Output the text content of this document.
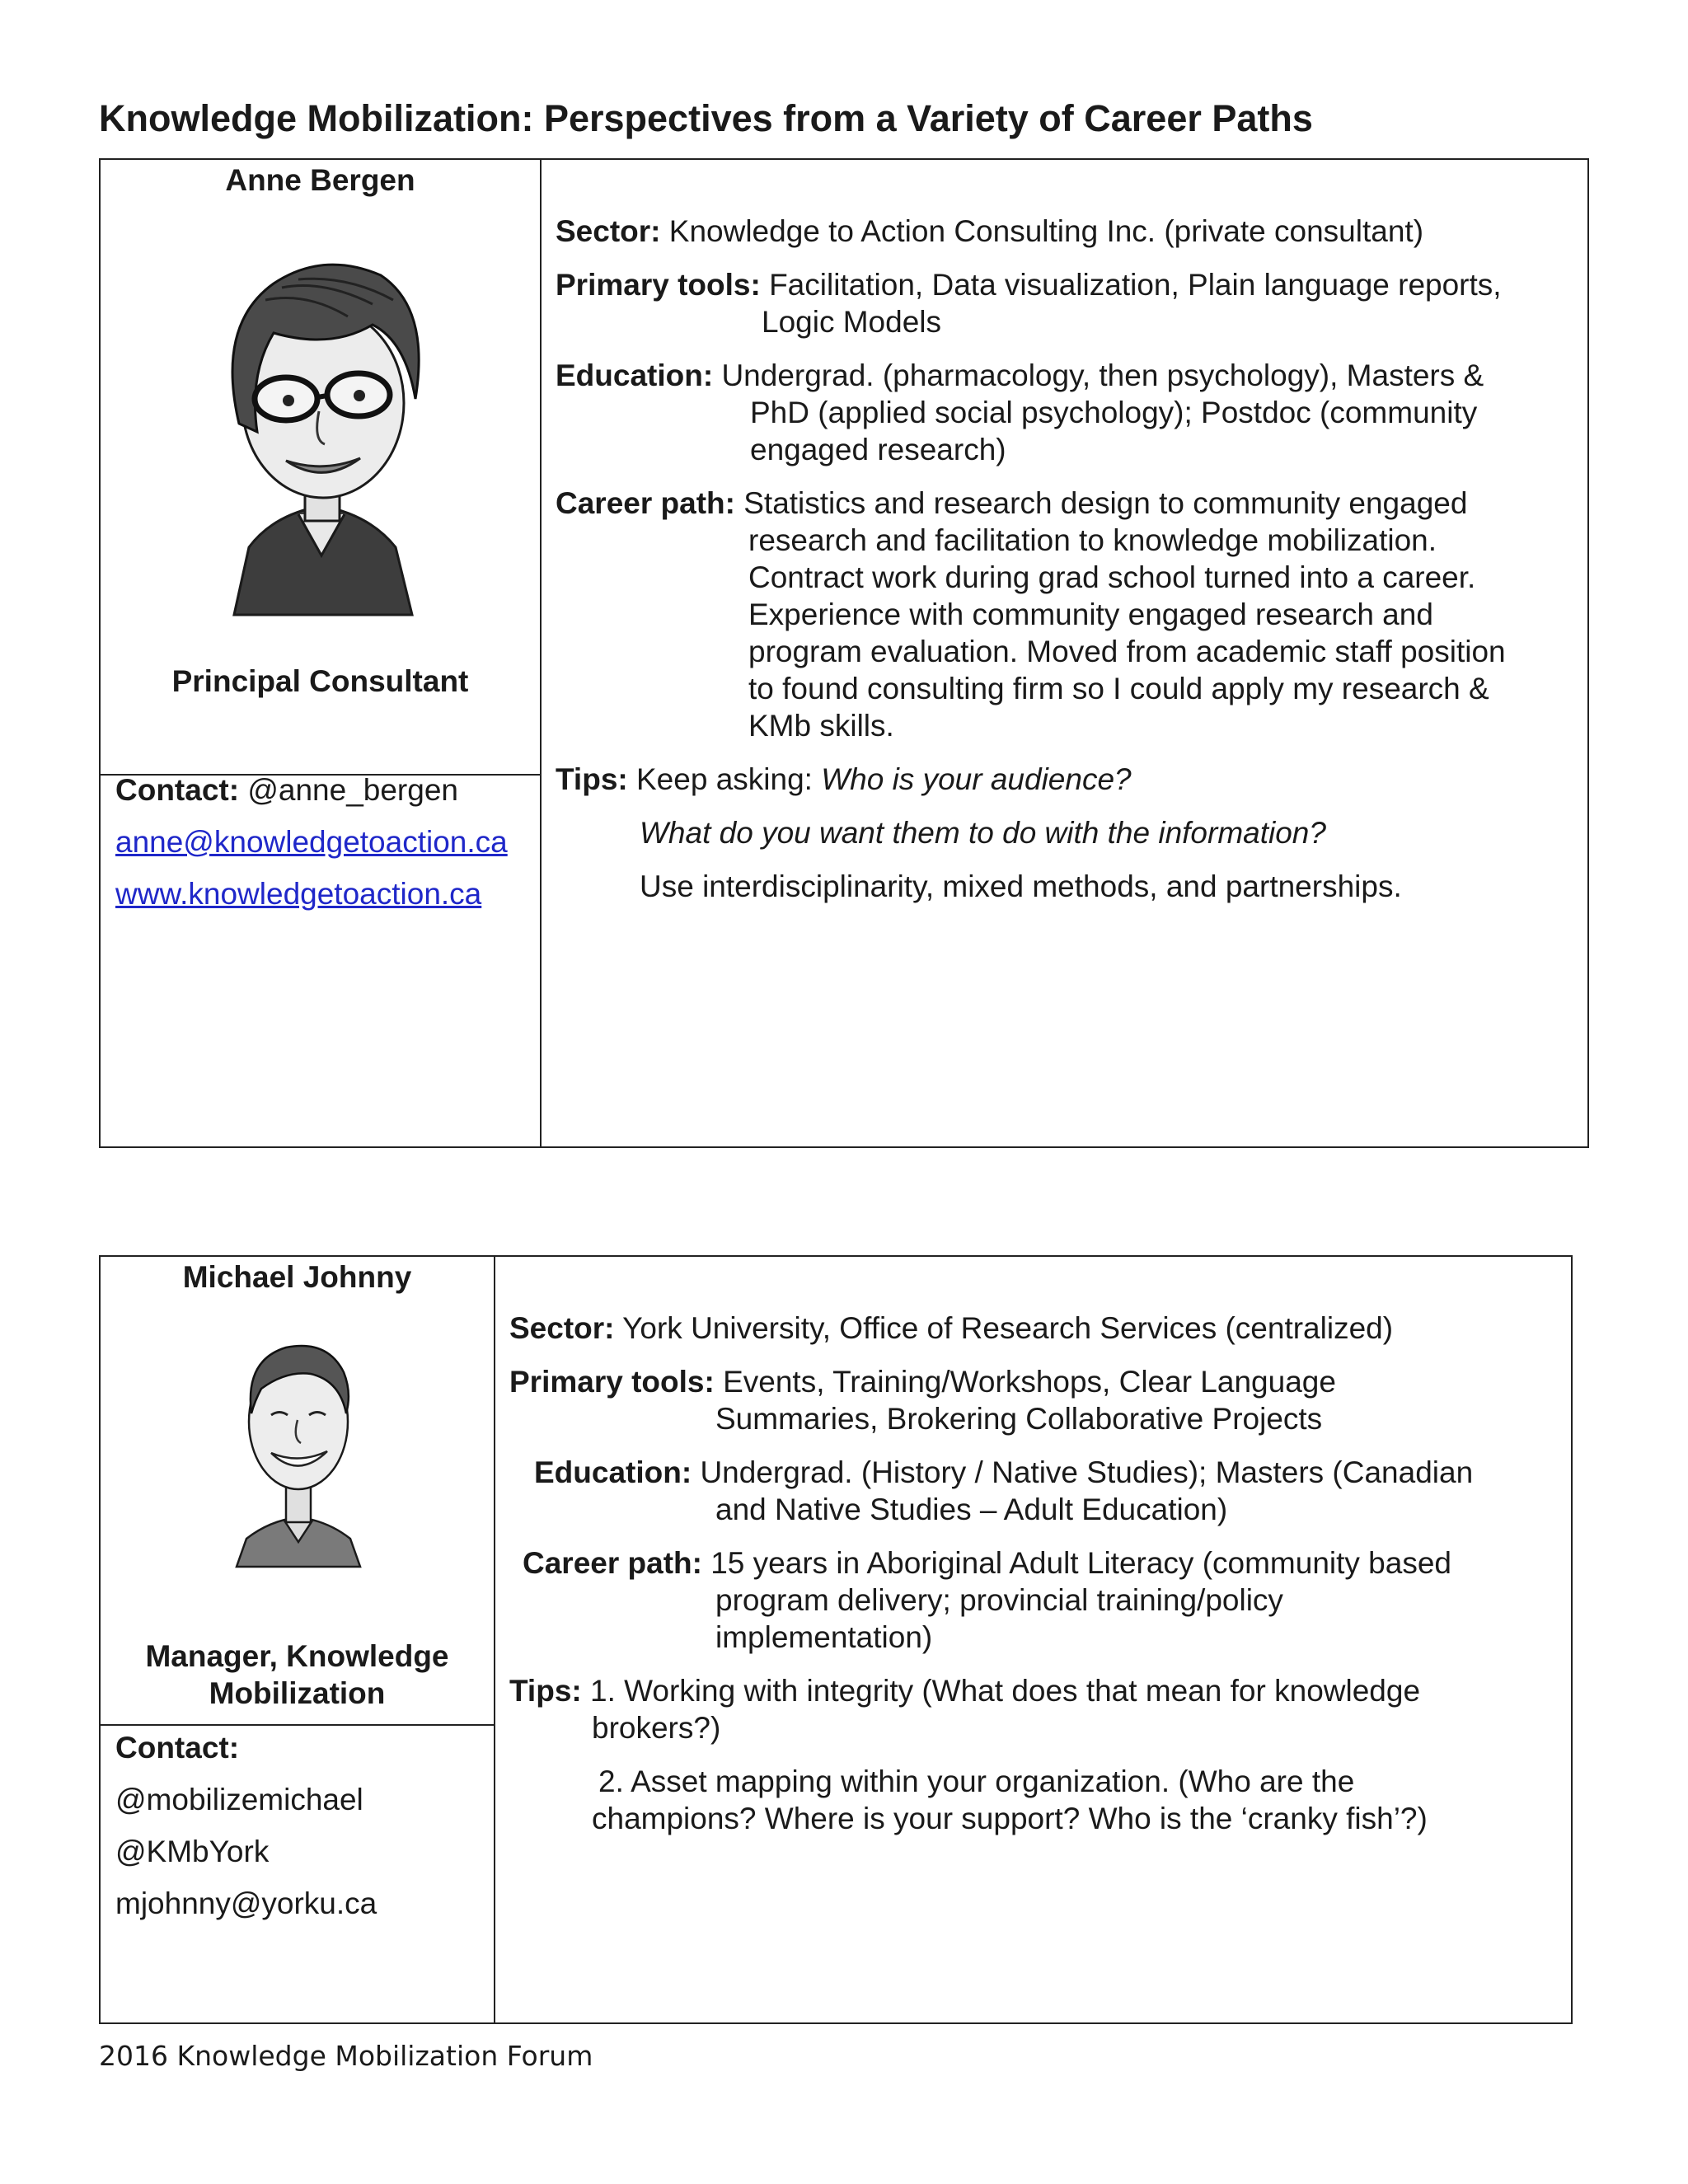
Knowledge Mobilization: Perspectives from a Variety of Career Paths
Anne Bergen
Principal Consultant
Contact: @anne_bergen
anne@knowledgetoaction.ca
www.knowledgetoaction.ca
Sector: Knowledge to Action Consulting Inc. (private consultant)
Primary tools: Facilitation, Data visualization, Plain language reports,
Logic Models
Education: Undergrad. (pharmacology, then psychology), Masters &
PhD (applied social psychology); Postdoc (community
engaged research)
Career path: Statistics and research design to community engaged
research and facilitation to knowledge mobilization.
Contract work during grad school turned into a career.
Experience with community engaged research and
program evaluation. Moved from academic staff position
to found consulting firm so I could apply my research &
KMb skills.
Tips: Keep asking: Who is your audience?
What do you want them to do with the information?
Use interdisciplinarity, mixed methods, and partnerships.
Michael Johnny
Manager, Knowledge
Mobilization
Contact:
@mobilizemichael
@KMbYork
mjohnny@yorku.ca
Sector: York University, Office of Research Services (centralized)
Primary tools: Events, Training/Workshops, Clear Language
Summaries, Brokering Collaborative Projects
Education: Undergrad. (History / Native Studies); Masters (Canadian
and Native Studies – Adult Education)
Career path: 15 years in Aboriginal Adult Literacy (community based
program delivery; provincial training/policy
implementation)
Tips: 1. Working with integrity (What does that mean for knowledge
brokers?)
2. Asset mapping within your organization. (Who are the
champions? Where is your support? Who is the ‘cranky fish’?)
2016 Knowledge Mobilization Forum
